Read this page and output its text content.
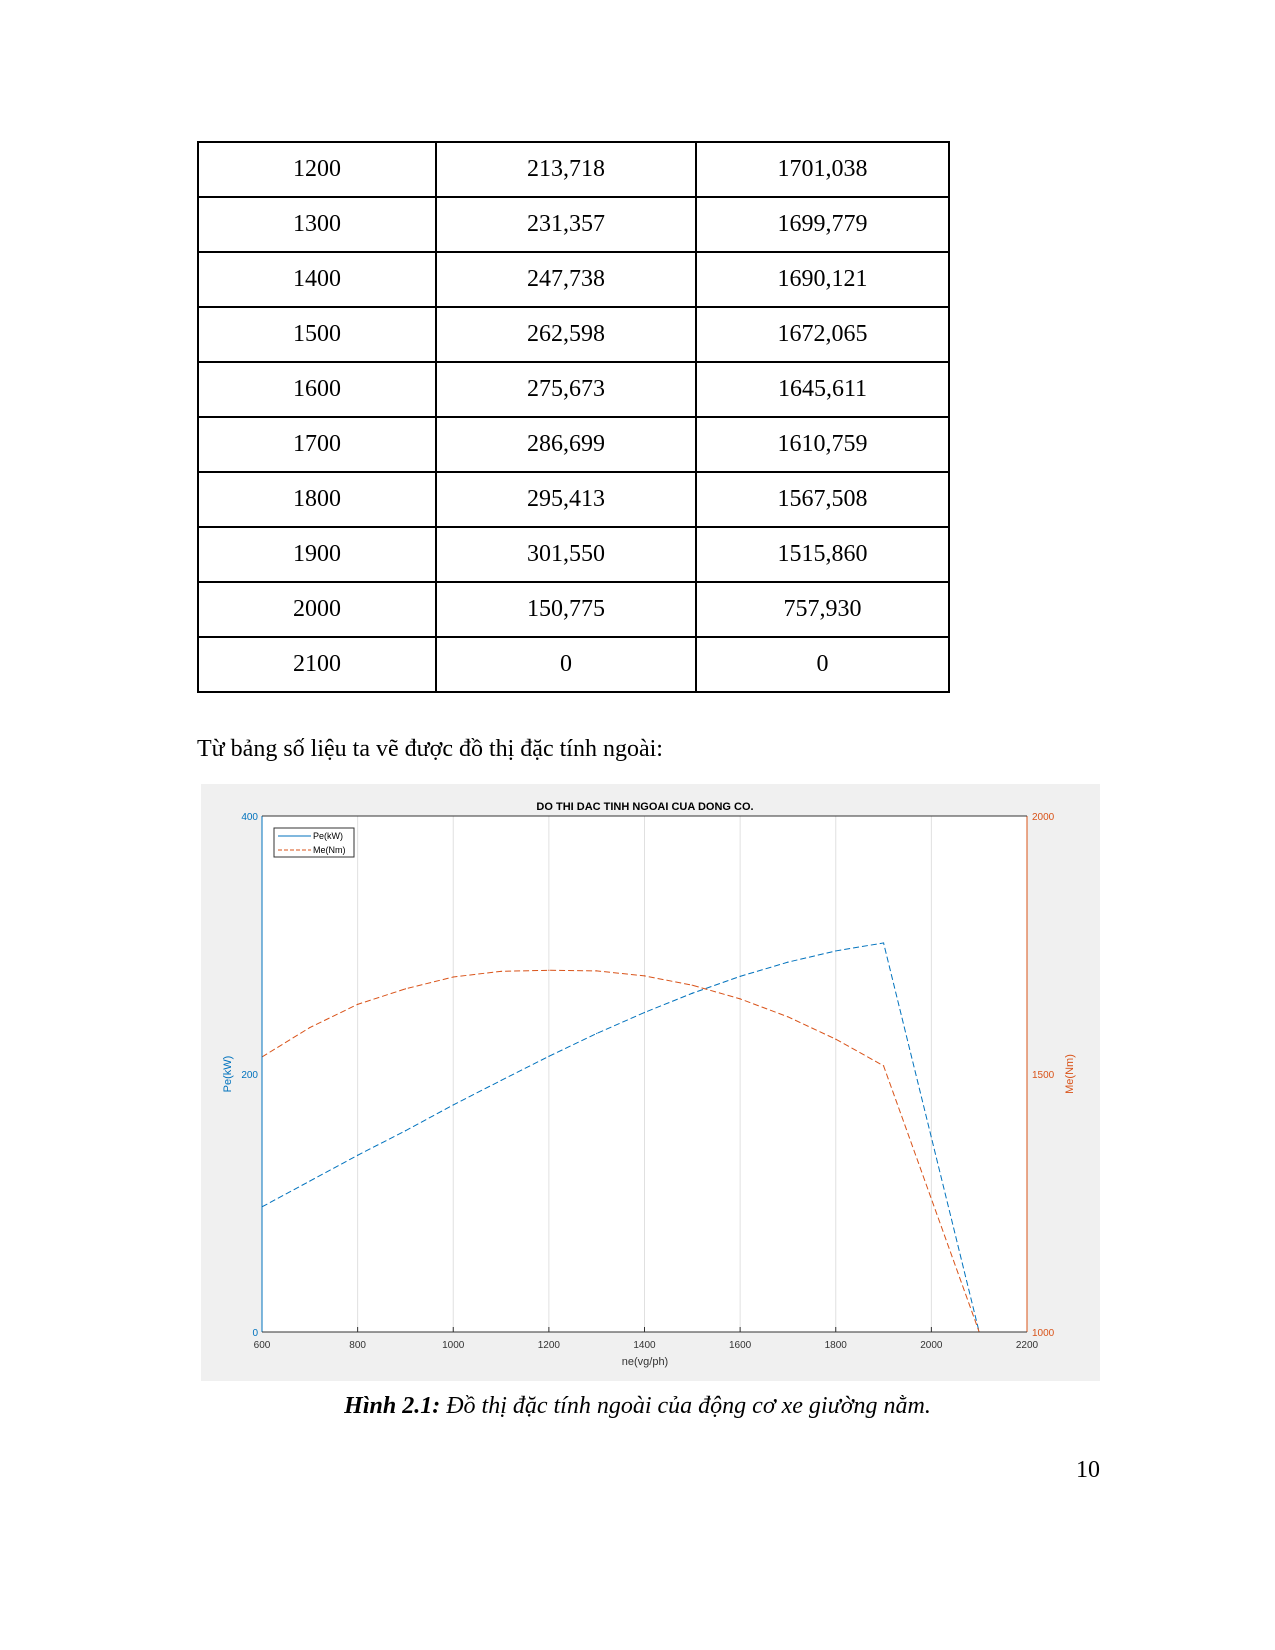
1200	213,718	1701,038
1300	231,357	1699,779
1400	247,738	1690,121
1500	262,598	1672,065
1600	275,673	1645,611
1700	286,699	1610,759
1800	295,413	1567,508
1900	301,550	1515,860
2000	150,775	757,930
2100	0	0
Từ bảng số liệu ta vẽ được đồ thị đặc tính ngoài:
DO THI DAC TINH NGOAI CUA DONG CO.
ne(vg/ph)
Pe(kW)	Me(Nm)
600	800	1000	1200	1400	1600	1800	2000	2200
0
200
400
1000
1500
2000
Pe(kW)
Me(Nm)
Hình 2.1: Đồ thị đặc tính ngoài của động cơ xe giường nằm.
10
